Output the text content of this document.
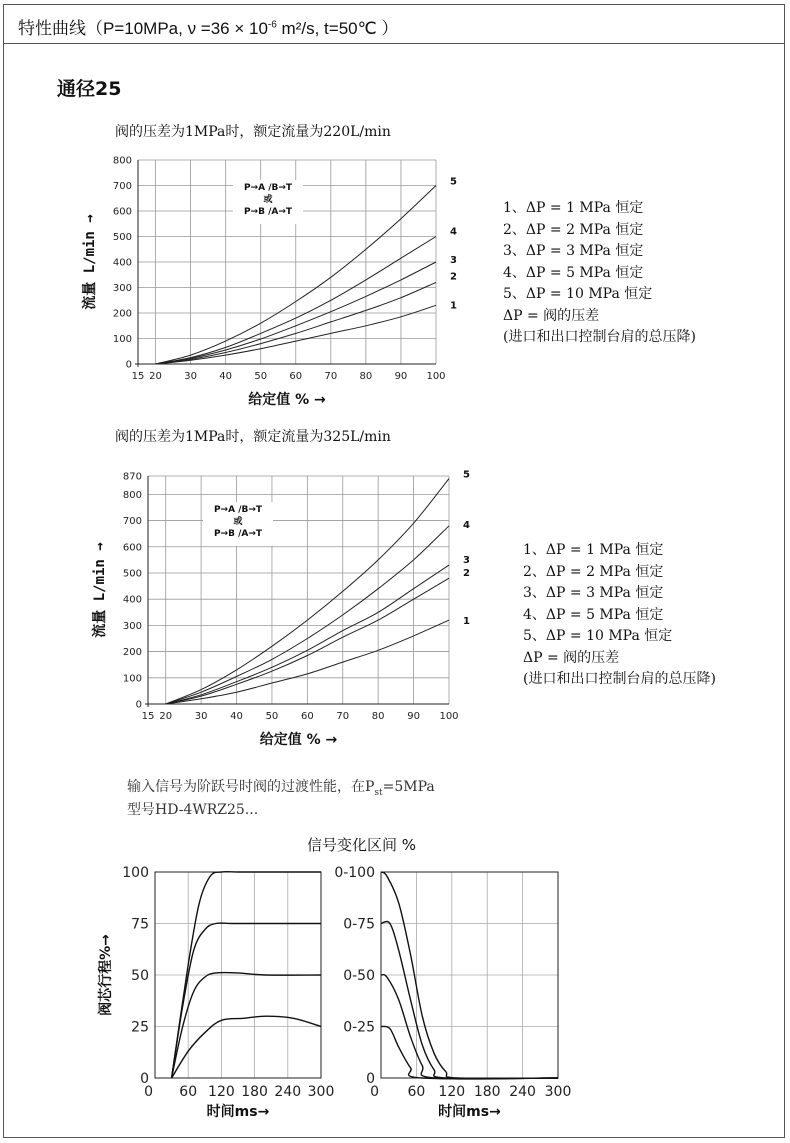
特性曲线（P=10MPa, $\nu =36 \times 10^{-6}$ m²/s, t=50℃ ）
通径25
阀的压差为1MPa时，额定流量为220L/min
阀的压差为1MPa时，额定流量为325L/min
0
100
200
300
400
500
600
700
800
15 20 30 40 50 60 70 80 90 100
给定值 % →
流量 L/min →
P→A /B→T
或
P→B /A→T
1
2
3
4
5
0
100
200
300
400
500
600
700
800
870
15 20 30 40 50 60 70 80 90 100
给定值 % →
流量 L/min →
P→A /B→T
或
P→B /A→T
1
2
3
4
5
1、ΔP = 1 MPa 恒定
2、ΔP = 2 MPa 恒定
3、ΔP = 3 MPa 恒定
4、ΔP = 5 MPa 恒定
5、ΔP = 10 MPa 恒定
ΔP = 阀的压差
(进口和出口控制台肩的总压降)
1、ΔP = 1 MPa 恒定
2、ΔP = 2 MPa 恒定
3、ΔP = 3 MPa 恒定
4、ΔP = 5 MPa 恒定
5、ΔP = 10 MPa 恒定
ΔP = 阀的压差
(进口和出口控制台肩的总压降)
输入信号为阶跃号时阀的过渡性能，在$P_{st}=5MPa$
型号HD-4WRZ25...
信号变化区间 %
0
25
50
75
100
0 60 120 180 240 300
时间ms→
阀芯行程%→
0
0-25
0-50
0-75
0-100
0 60 120 180 240 300
时间ms→
